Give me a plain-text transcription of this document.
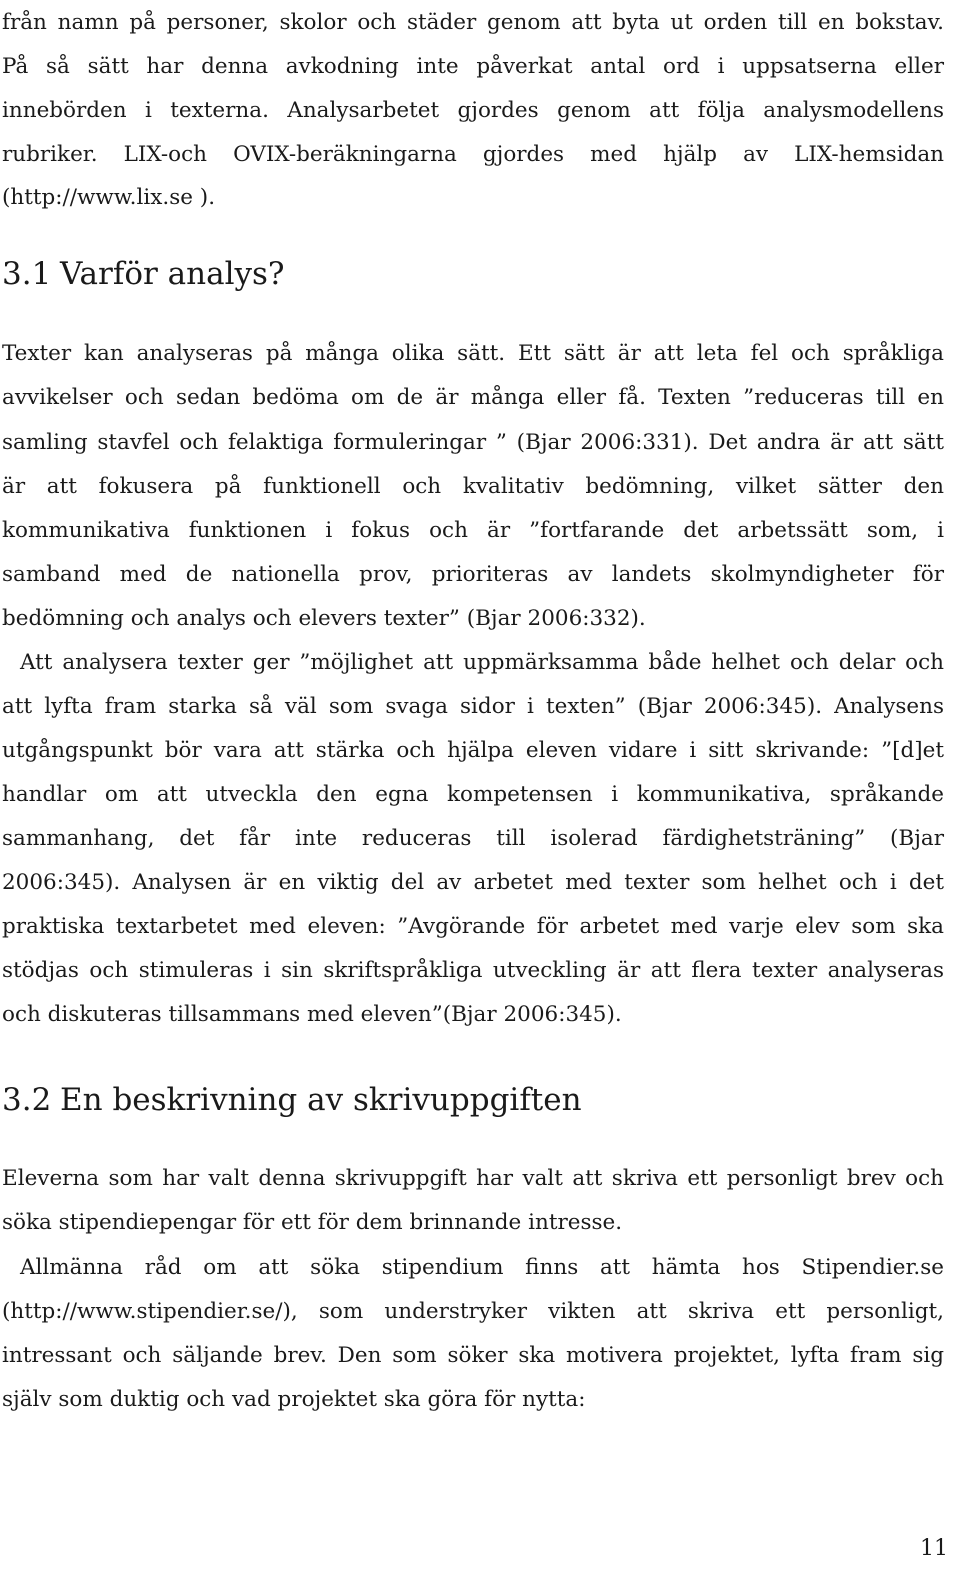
från namn på personer, skolor och städer genom att byta ut orden till en bokstav.
På så sätt har denna avkodning inte påverkat antal ord i uppsatserna eller
innebörden i texterna. Analysarbetet gjordes genom att följa analysmodellens
rubriker. LIX-och OVIX-beräkningarna gjordes med hjälp av LIX-hemsidan
(http://www.lix.se ).
3.1 Varför analys?
Texter kan analyseras på många olika sätt. Ett sätt är att leta fel och språkliga
avvikelser och sedan bedöma om de är många eller få. Texten ”reduceras till en
samling stavfel och felaktiga formuleringar ” (Bjar 2006:331). Det andra är att sätt
är att fokusera på funktionell och kvalitativ bedömning, vilket sätter den
kommunikativa funktionen i fokus och är ”fortfarande det arbetssätt som, i
samband med de nationella prov, prioriteras av landets skolmyndigheter för
bedömning och analys och elevers texter” (Bjar 2006:332).
Att analysera texter ger ”möjlighet att uppmärksamma både helhet och delar och
att lyfta fram starka så väl som svaga sidor i texten” (Bjar 2006:345). Analysens
utgångspunkt bör vara att stärka och hjälpa eleven vidare i sitt skrivande: ”[d]et
handlar om att utveckla den egna kompetensen i kommunikativa, språkande
sammanhang, det får inte reduceras till isolerad färdighetsträning” (Bjar
2006:345). Analysen är en viktig del av arbetet med texter som helhet och i det
praktiska textarbetet med eleven: ”Avgörande för arbetet med varje elev som ska
stödjas och stimuleras i sin skriftspråkliga utveckling är att flera texter analyseras
och diskuteras tillsammans med eleven”(Bjar 2006:345).
3.2 En beskrivning av skrivuppgiften
Eleverna som har valt denna skrivuppgift har valt att skriva ett personligt brev och
söka stipendiepengar för ett för dem brinnande intresse.
Allmänna råd om att söka stipendium finns att hämta hos Stipendier.se
(http://www.stipendier.se/), som understryker vikten att skriva ett personligt,
intressant och säljande brev. Den som söker ska motivera projektet, lyfta fram sig
själv som duktig och vad projektet ska göra för nytta:
11
